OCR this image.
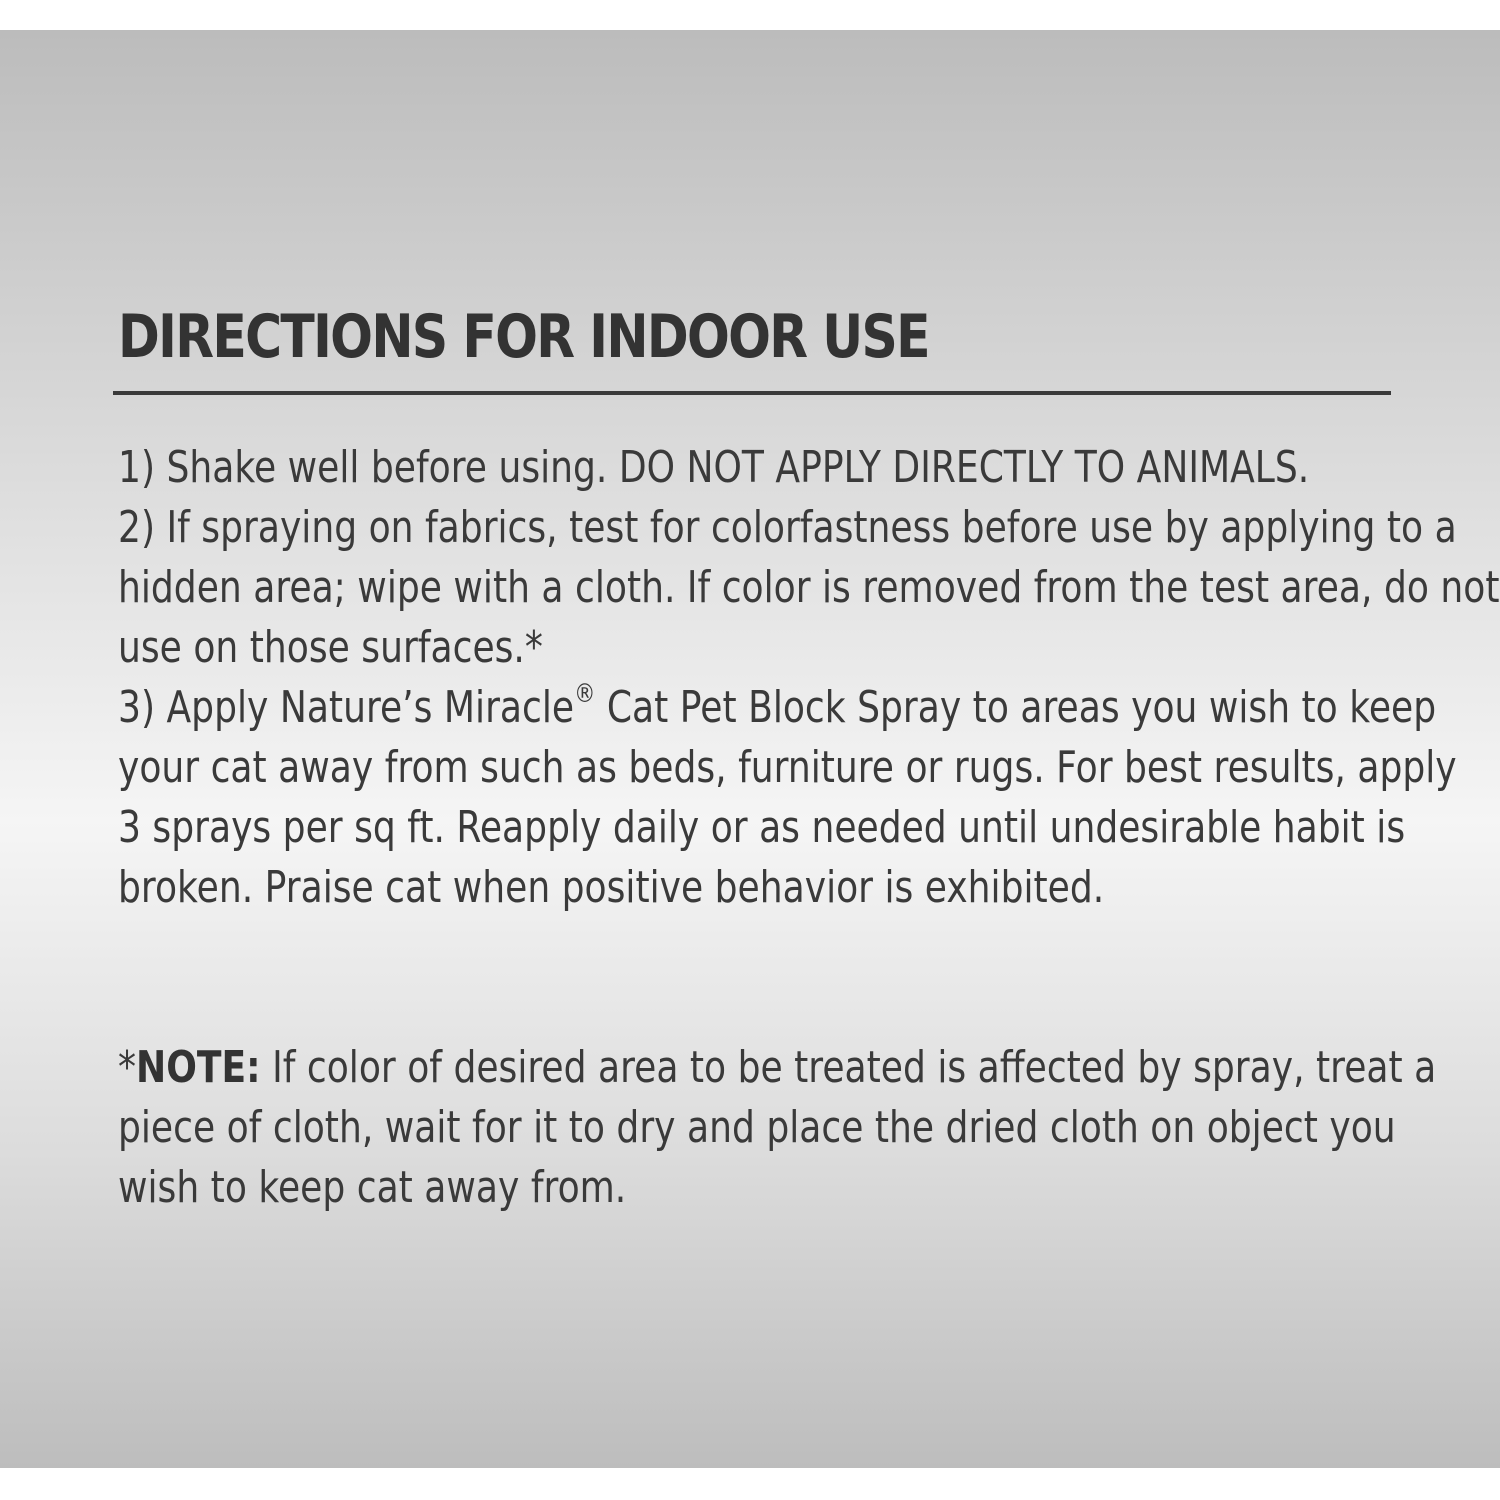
DIRECTIONS FOR INDOOR USE
1) Shake well before using. DO NOT APPLY DIRECTLY TO ANIMALS.
2) If spraying on fabrics, test for colorfastness before use by applying to a
hidden area; wipe with a cloth. If color is removed from the test area, do not
use on those surfaces.*
3) Apply Nature’s Miracle® Cat Pet Block Spray to areas you wish to keep
your cat away from such as beds, furniture or rugs. For best results, apply
3 sprays per sq ft. Reapply daily or as needed until undesirable habit is
broken. Praise cat when positive behavior is exhibited.
*NOTE: If color of desired area to be treated is affected by spray, treat a
piece of cloth, wait for it to dry and place the dried cloth on object you
wish to keep cat away from.
